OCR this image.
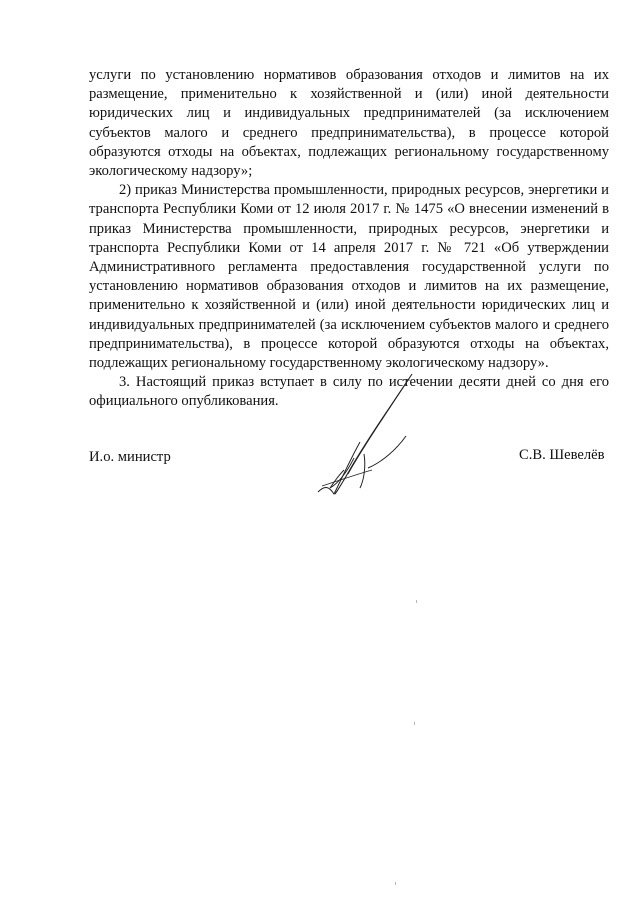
услуги по установлению нормативов образования отходов и лимитов на их размещение, применительно к хозяйственной и (или) иной деятельности юридических лиц и индивидуальных предпринимателей (за исключением субъектов малого и среднего предпринимательства), в процессе которой образуются отходы на объектах, подлежащих региональному государственному экологическому надзору»;

2) приказ Министерства промышленности, природных ресурсов, энергетики и транспорта Республики Коми от 12 июля 2017 г. № 1475 «О внесении изменений в приказ Министерства промышленности, природных ресурсов, энергетики и транспорта Республики Коми от 14 апреля 2017 г. № 721 «Об утверждении Административного регламента предоставления государственной услуги по установлению нормативов образования отходов и лимитов на их размещение, применительно к хозяйственной и (или) иной деятельности юридических лиц и индивидуальных предпринимателей (за исключением субъектов малого и среднего предпринимательства), в процессе которой образуются отходы на объектах, подлежащих региональному государственному экологическому надзору».

3. Настоящий приказ вступает в силу по истечении десяти дней со дня его официального опубликования.

И.о. министр	С.В. Шевелёв
